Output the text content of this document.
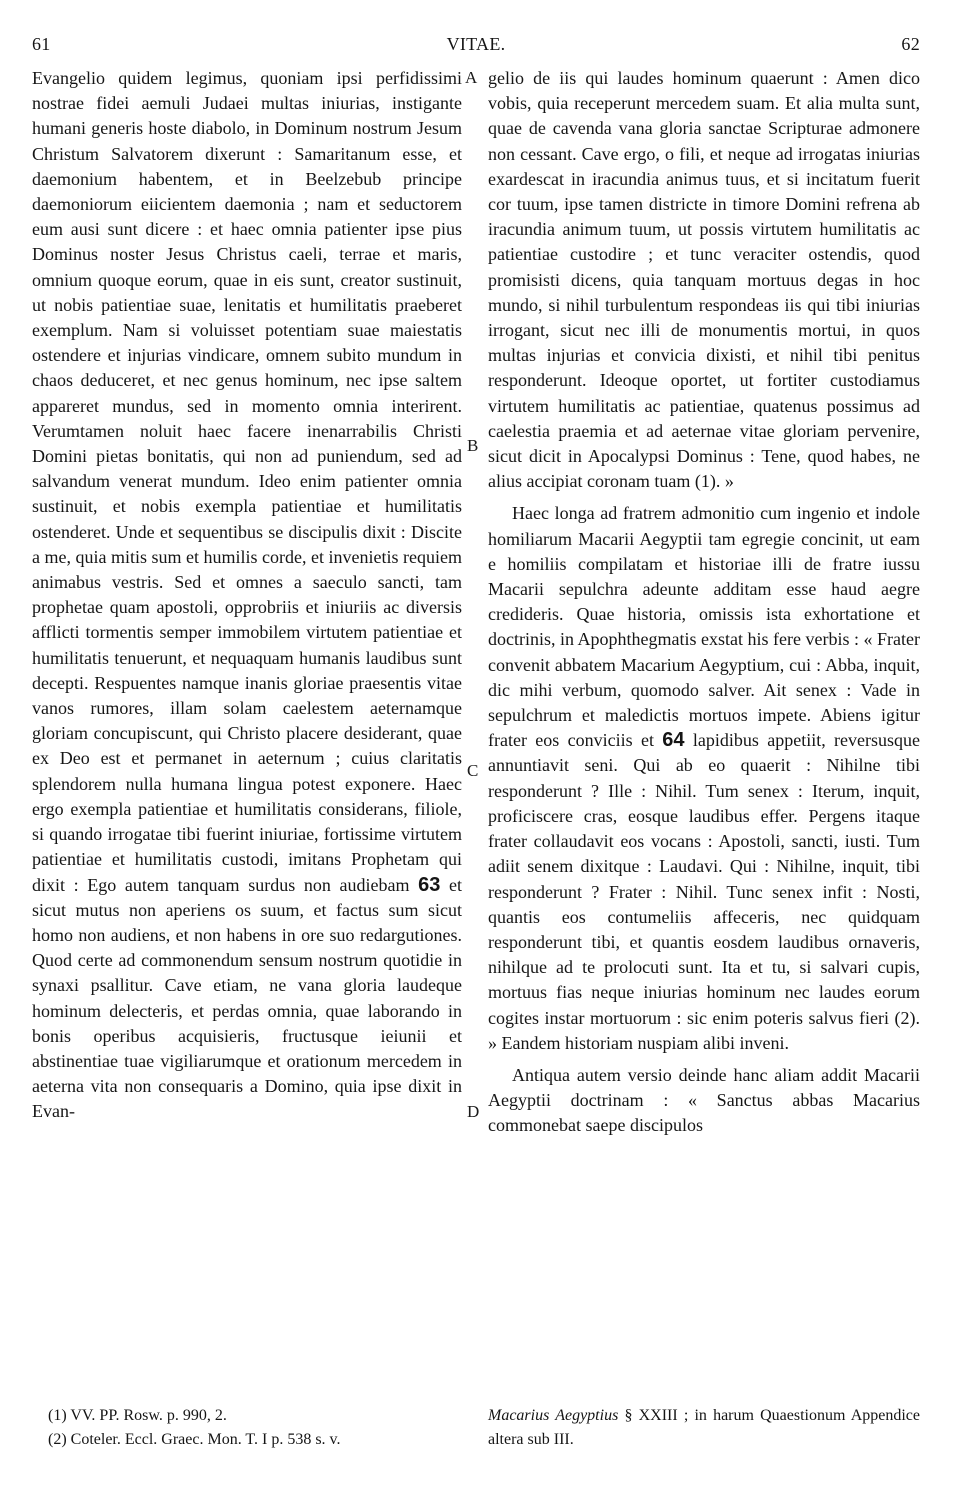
61	VITAE.	62
A
B
C
D

Evangelio quidem legimus, quoniam ipsi perfidissimi nostrae fidei aemuli Judaei multas iniurias, instigante humani generis hoste diabolo, in Dominum nostrum Jesum Christum Salvatorem dixerunt : Samaritanum esse, et daemonium habentem, et in Beelzebub principe daemoniorum eiicientem daemonia ; nam et seductorem eum ausi sunt dicere : et haec omnia patienter ipse pius Dominus noster Jesus Christus caeli, terrae et maris, omnium quoque eorum, quae in eis sunt, creator sustinuit, ut nobis patientiae suae, lenitatis et humilitatis praeberet exemplum. Nam si voluisset potentiam suae maiestatis ostendere et injurias vindicare, omnem subito mundum in chaos deduceret, et nec genus hominum, nec ipse saltem appareret mundus, sed in momento omnia interirent. Verumtamen noluit haec facere inenarrabilis Christi Domini pietas bonitatis, qui non ad puniendum, sed ad salvandum venerat mundum. Ideo enim patienter omnia sustinuit, et nobis exempla patientiae et humilitatis ostenderet. Unde et sequentibus se discipulis dixit : Discite a me, quia mitis sum et humilis corde, et invenietis requiem animabus vestris. Sed et omnes a saeculo sancti, tam prophetae quam apostoli, opprobriis et iniuriis ac diversis afflicti tormentis semper immobilem virtutem patientiae et humilitatis tenuerunt, et nequaquam humanis laudibus sunt decepti. Respuentes namque inanis gloriae praesentis vitae vanos rumores, illam solam caelestem aeternamque gloriam concupiscunt, qui Christo placere desiderant, quae ex Deo est et permanet in aeternum ; cuius claritatis splendorem nulla humana lingua potest exponere. Haec ergo exempla patientiae et humilitatis considerans, filiole, si quando irrogatae tibi fuerint iniuriae, fortissime virtutem patientiae et humilitatis custodi, imitans Prophetam qui dixit : Ego autem tanquam surdus non audiebam 63 et sicut mutus non aperiens os suum, et factus sum sicut homo non audiens, et non habens in ore suo redargutiones. Quod certe ad commonendum sensum nostrum quotidie in synaxi psallitur. Cave etiam, ne vana gloria laudeque hominum delecteris, et perdas omnia, quae laborando in bonis operibus acquisieris, fructusque ieiunii et abstinentiae tuae vigiliarumque et orationum mercedem in aeterna vita non consequaris a Domino, quia ipse dixit in Evan-

gelio de iis qui laudes hominum quaerunt : Amen dico vobis, quia receperunt mercedem suam. Et alia multa sunt, quae de cavenda vana gloria sanctae Scripturae admonere non cessant. Cave ergo, o fili, et neque ad irrogatas iniurias exardescat in iracundia animus tuus, et si incitatum fuerit cor tuum, ipse tamen districte in timore Domini refrena ab iracundia animum tuum, ut possis virtutem humilitatis ac patientiae custodire ; et tunc veraciter ostendis, quod promisisti dicens, quia tanquam mortuus degas in hoc mundo, si nihil turbulentum respondeas iis qui tibi iniurias irrogant, sicut nec illi de monumentis mortui, in quos multas injurias et convicia dixisti, et nihil tibi penitus responderunt. Ideoque oportet, ut fortiter custodiamus virtutem humilitatis ac patientiae, quatenus possimus ad caelestia praemia et ad aeternae vitae gloriam pervenire, sicut dicit in Apocalypsi Dominus : Tene, quod habes, ne alius accipiat coronam tuam (1). »

Haec longa ad fratrem admonitio cum ingenio et indole homiliarum Macarii Aegyptii tam egregie concinit, ut eam e homiliis compilatam et historiae illi de fratre iussu Macarii sepulchra adeunte additam esse haud aegre credideris. Quae historia, omissis ista exhortatione et doctrinis, in Apophthegmatis exstat his fere verbis : « Frater convenit abbatem Macarium Aegyptium, cui : Abba, inquit, dic mihi verbum, quomodo salver. Ait senex : Vade in sepulchrum et maledictis mortuos impete. Abiens igitur frater eos conviciis et 64 lapidibus appetiit, reversusque annuntiavit seni. Qui ab eo quaerit : Nihilne tibi responderunt ? Ille : Nihil. Tum senex : Iterum, inquit, proficiscere cras, eosque laudibus effer. Pergens itaque frater collaudavit eos vocans : Apostoli, sancti, iusti. Tum adiit senem dixitque : Laudavi. Qui : Nihilne, inquit, tibi responderunt ? Frater : Nihil. Tunc senex infit : Nosti, quantis eos contumeliis affeceris, nec quidquam responderunt tibi, et quantis eosdem laudibus ornaveris, nihilque ad te prolocuti sunt. Ita et tu, si salvari cupis, mortuus fias neque iniurias hominum nec laudes eorum cogites instar mortuorum : sic enim poteris salvus fieri (2). » Eandem historiam nuspiam alibi inveni.

Antiqua autem versio deinde hanc aliam addit Macarii Aegyptii doctrinam : « Sanctus abbas Macarius commonebat saepe discipulos

(1) VV. PP. Rosw. p. 990, 2.

(2) Coteler. Eccl. Graec. Mon. T. I p. 538 s. v.

Macarius Aegyptius § XXIII ; in harum Quaestionum Appendice altera sub III.
